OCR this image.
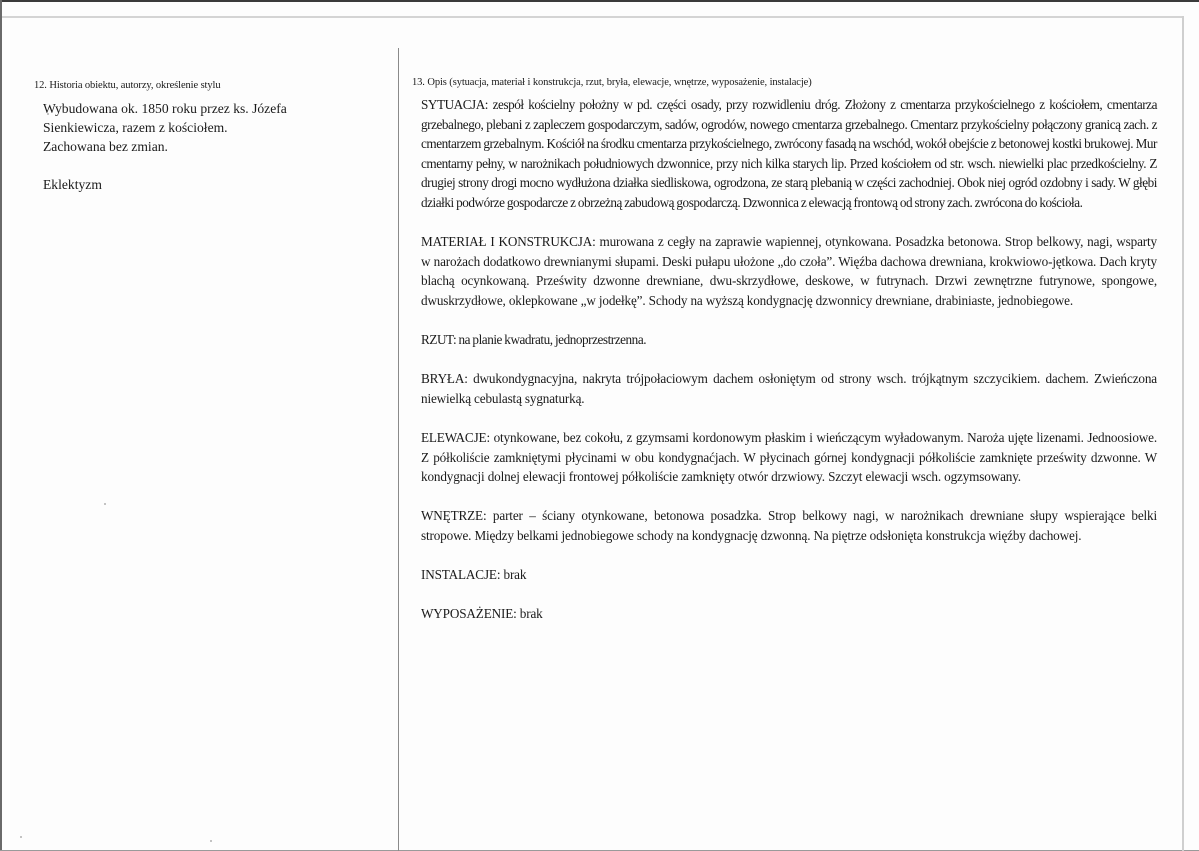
12. Historia obiektu, autorzy, określenie stylu

Wybudowana ok. 1850 roku przez ks. Józefa

Sienkiewicza, razem z kościołem.

Zachowana bez zmian.

Eklektyzm

13. Opis (sytuacja, materiał i konstrukcja, rzut, bryła, elewacje, wnętrze, wyposażenie, instalacje)

SYTUACJA: zespół kościelny położny w pd. części osady, przy rozwidleniu dróg. Złożony z cmentarza przykościelnego z kościołem, cmentarza grzebalnego, plebani z zapleczem gospodarczym, sadów, ogrodów, nowego cmentarza grzebalnego. Cmentarz przykościelny połączony granicą zach. z cmentarzem grzebalnym. Kościół na środku cmentarza przykościelnego, zwrócony fasadą na wschód, wokół obejście z betonowej kostki brukowej. Mur cmentarny pełny, w narożnikach południowych dzwonnice, przy nich kilka starych lip. Przed kościołem od str. wsch. niewielki plac przedkościelny. Z drugiej strony drogi mocno wydłużona działka siedliskowa, ogrodzona, ze starą plebanią w części zachodniej. Obok niej ogród ozdobny i sady. W głębi działki podwórze gospodarcze z obrzeżną zabudową gospodarczą. Dzwonnica z elewacją frontową od strony zach. zwrócona do kościoła.

MATERIAŁ I KONSTRUKCJA: murowana z cegły na zaprawie wapiennej, otynkowana. Posadzka betonowa. Strop belkowy, nagi, wsparty w narożach dodatkowo drewnianymi słupami. Deski pułapu ułożone „do czoła”. Więźba dachowa drewniana, krokwiowo-jętkowa. Dach kryty blachą ocynkowaną. Prześwity dzwonne drewniane, dwu-skrzydłowe, deskowe, w futrynach. Drzwi zewnętrzne futrynowe, spongowe, dwuskrzydłowe, oklepkowane „w jodełkę”. Schody na wyższą kondygnację dzwonnicy drewniane, drabiniaste, jednobiegowe.

RZUT: na planie kwadratu, jednoprzestrzenna.

BRYŁA: dwukondygnacyjna, nakryta trójpołaciowym dachem osłoniętym od strony wsch. trójkątnym szczycikiem. dachem. Zwieńczona niewielką cebulastą sygnaturką.

ELEWACJE: otynkowane, bez cokołu, z gzymsami kordonowym płaskim i wieńczącym wyładowanym. Naroża ujęte lizenami. Jednoosiowe. Z półkoliście zamkniętymi płycinami w obu kondygnaćjach. W płycinach górnej kondygnacji półkoliście zamknięte prześwity dzwonne. W kondygnacji dolnej elewacji frontowej półkoliście zamknięty otwór drzwiowy. Szczyt elewacji wsch. ogzymsowany.

WNĘTRZE: parter – ściany otynkowane, betonowa posadzka. Strop belkowy nagi, w narożnikach drewniane słupy wspierające belki stropowe. Między belkami jednobiegowe schody na kondygnację dzwonną. Na piętrze odsłonięta konstrukcja więźby dachowej.

INSTALACJE: brak

WYPOSAŻENIE: brak
